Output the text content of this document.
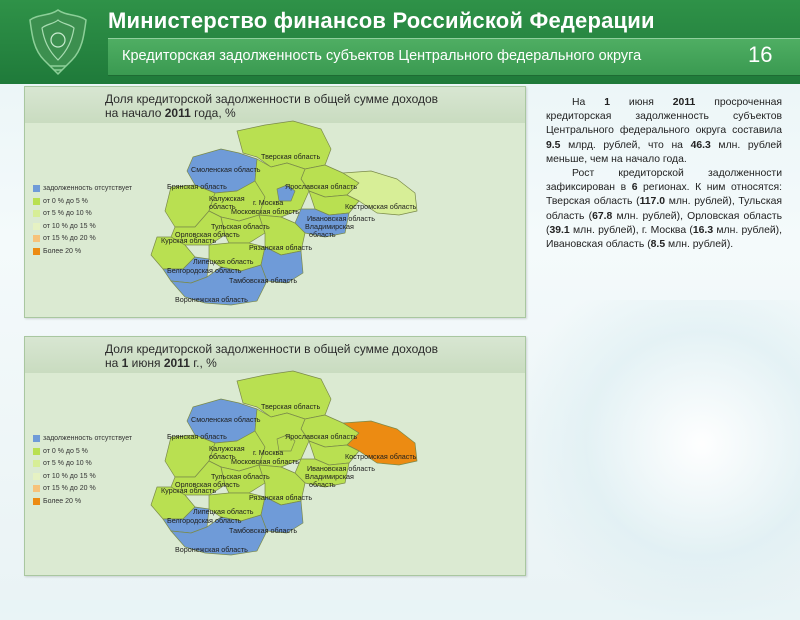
Министерство финансов Российской Федерации
Кредиторская задолженность субъектов Центрального федерального округа	16
Доля кредиторской задолженности в общей сумме доходов
на начало 2011 года, %
задолженность отсутствует
от 0 % до 5 %
от 5 % до 10 %
от 10 % до 15 %
от 15 % до 20 %
Более 20 %
Тверская область
Смоленская область
Ярославская область
Брянская область
Калужская г. Москва	Костромская область
область
Московская область
Ивановская область
Владимирская
область
Курская область
Тульская область
Орловская область
Рязанская область
Липецкая область
Белгородская область
Тамбовская область
Воронежская область
Доля кредиторской задолженности в общей сумме доходов
на 1 июня 2011 г., %
задолженность отсутствует
от 0 % до 5 %
от 5 % до 10 %
от 10 % до 15 %
от 15 % до 20 %
Более 20 %
Тверская область
Смоленская область
Ярославская область
Брянская область
Калужская г. Москва	Костромская область
область
Московская область
Ивановская область
Владимирская
область
Курская область
Тульская область
Орловская область
Рязанская область
Липецкая область
Белгородская область
Тамбовская область
Воронежская область

На 1 июня 2011 просроченная кредиторская задолженность субъектов Центрального федерального округа составила 9.5 млрд. рублей, что на 46.3 млн. рублей меньше, чем на начало года.

Рост кредиторской задолженности зафиксирован в 6 регионах. К ним относятся: Тверская область (117.0 млн. рублей), Тульская область (67.8 млн. рублей), Орловская область (39.1 млн. рублей), г. Москва (16.3 млн. рублей), Ивановская область (8.5 млн. рублей).
